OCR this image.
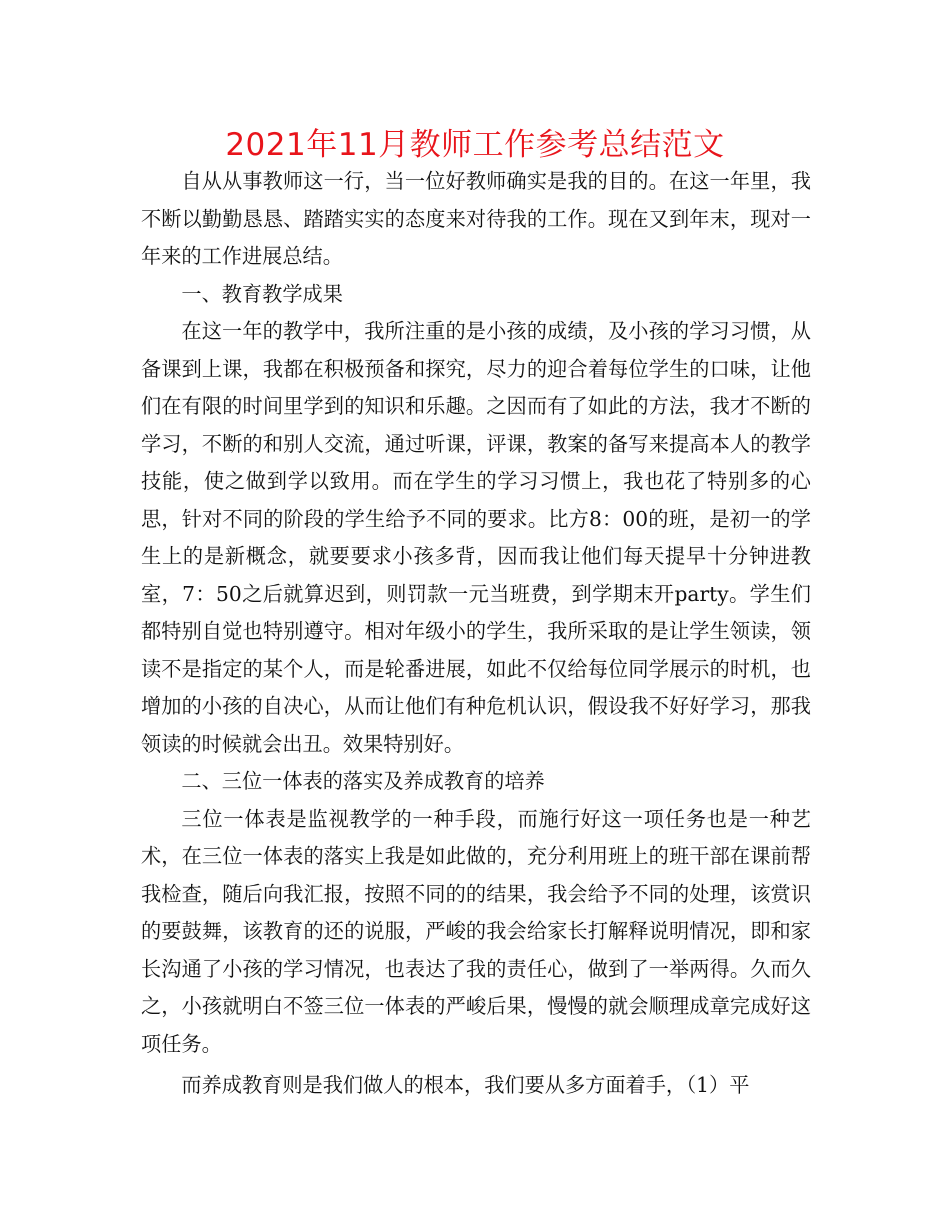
2021年11月教师工作参考总结范文

自从从事教师这一行，当一位好教师确实是我的目的。在这一年里，我不断以勤勤恳恳、踏踏实实的态度来对待我的工作。现在又到年末，现对一年来的工作进展总结。

一、教育教学成果

在这一年的教学中，我所注重的是小孩的成绩，及小孩的学习习惯，从备课到上课，我都在积极预备和探究，尽力的迎合着每位学生的口味，让他们在有限的时间里学到的知识和乐趣。之因而有了如此的方法，我才不断的学习，不断的和别人交流，通过听课，评课，教案的备写来提高本人的教学技能，使之做到学以致用。而在学生的学习习惯上，我也花了特别多的心思，针对不同的阶段的学生给予不同的要求。比方8：00的班，是初一的学生上的是新概念，就要要求小孩多背，因而我让他们每天提早十分钟进教室，7：50之后就算迟到，则罚款一元当班费，到学期末开party。学生们都特别自觉也特别遵守。相对年级小的学生，我所采取的是让学生领读，领读不是指定的某个人，而是轮番进展，如此不仅给每位同学展示的时机，也增加的小孩的自决心，从而让他们有种危机认识，假设我不好好学习，那我领读的时候就会出丑。效果特别好。

二、三位一体表的落实及养成教育的培养

三位一体表是监视教学的一种手段，而施行好这一项任务也是一种艺术，在三位一体表的落实上我是如此做的，充分利用班上的班干部在课前帮我检查，随后向我汇报，按照不同的的结果，我会给予不同的处理，该赏识的要鼓舞，该教育的还的说服，严峻的我会给家长打解释说明情况，即和家长沟通了小孩的学习情况，也表达了我的责任心，做到了一举两得。久而久之，小孩就明白不签三位一体表的严峻后果，慢慢的就会顺理成章完成好这项任务。

而养成教育则是我们做人的根本，我们要从多方面着手，（1）平
